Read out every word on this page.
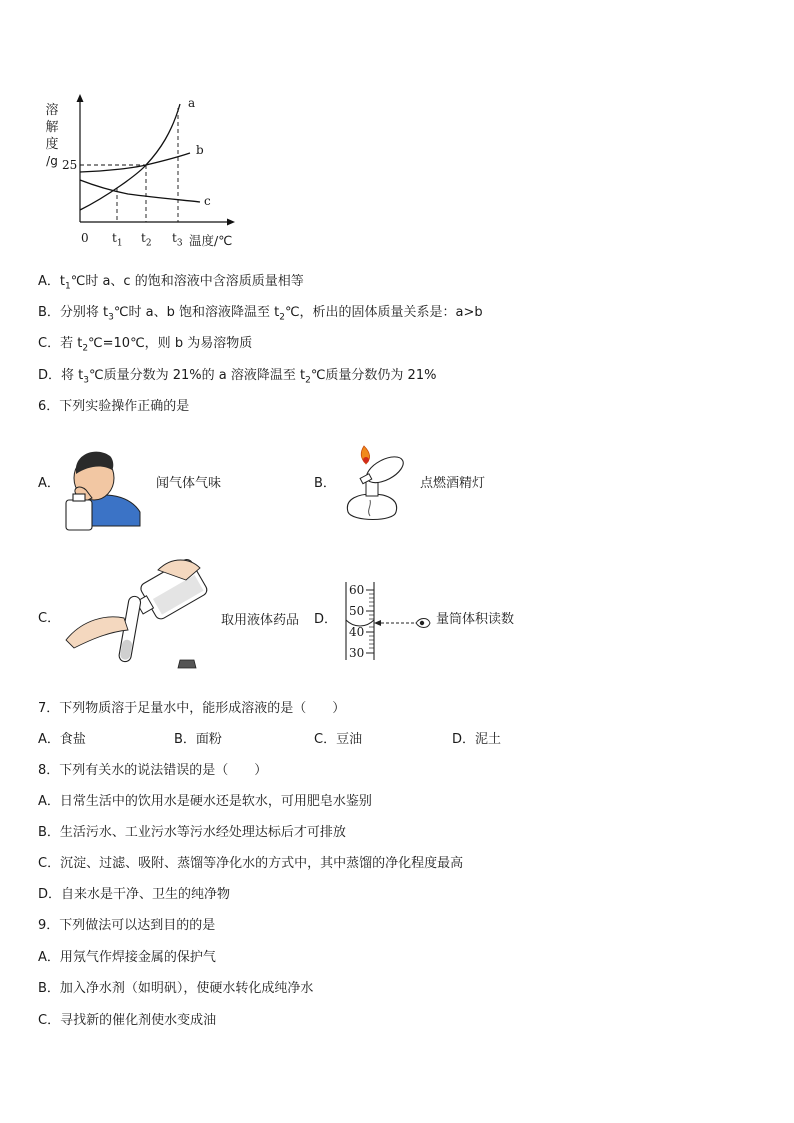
溶
解
度
/g 25
0 $t_1$ $t_2$ $t_3$ 温度/℃
a
b
c
A．$t_1℃$时 a、c 的饱和溶液中含溶质质量相等
B．分别将 $t_3℃$时 a、b 饱和溶液降温至 $t_2℃$，析出的固体质量关系是：a>b
C．若 $t_2℃=10℃$，则 b 为易溶物质
D．将 $t_3℃$质量分数为 21%的 a 溶液降温至 $t_2℃$质量分数仍为 21%
6．下列实验操作正确的是
A．	闻气体气味	B．	点燃酒精灯
C．	取用液体药品 D．
60
50
40
30
量筒体积读数
7．下列物质溶于足量水中，能形成溶液的是（　　）
A．食盐	B．面粉	C．豆油	D．泥土
8．下列有关水的说法错误的是（　　）
A．日常生活中的饮用水是硬水还是软水，可用肥皂水鉴别
B．生活污水、工业污水等污水经处理达标后才可排放
C．沉淀、过滤、吸附、蒸馏等净化水的方式中，其中蒸馏的净化程度最高
D．自来水是干净、卫生的纯净物
9．下列做法可以达到目的的是
A．用氖气作焊接金属的保护气
B．加入净水剂（如明矾），使硬水转化成纯净水
C．寻找新的催化剂使水变成油
